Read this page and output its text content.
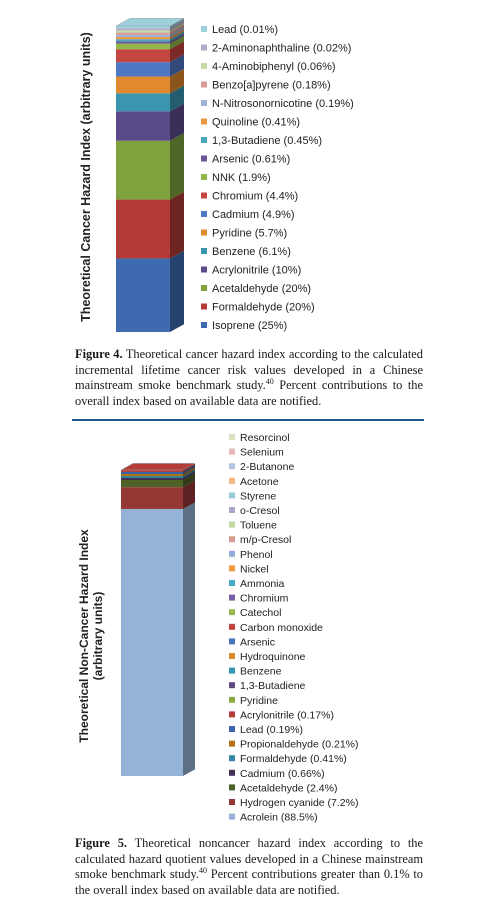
Theoretical Cancer Hazard Index (arbitrary units)
Lead (0.01%)
2-Aminonaphthaline (0.02%)
4-Aminobiphenyl (0.06%)
Benzo[a]pyrene (0.18%)
N-Nitrosonornicotine (0.19%)
Quinoline (0.41%)
1,3-Butadiene (0.45%)
Arsenic (0.61%)
NNK (1.9%)
Chromium (4.4%)
Cadmium (4.9%)
Pyridine (5.7%)
Benzene (6.1%)
Acrylonitrile (10%)
Acetaldehyde (20%)
Formaldehyde (20%)
Isoprene (25%)
Figure 4. Theoretical cancer hazard index according to the calculated incremental lifetime cancer risk values developed in a Chinese mainstream smoke benchmark study.$^{40}$ Percent contributions to the overall index based on available data are notified.
Theoretical Non-Cancer Hazard Index(arbitrary units)
Resorcinol
Selenium
2-Butanone
Acetone
Styrene
o-Cresol
Toluene
m/p-Cresol
Phenol
Nickel
Ammonia
Chromium
Catechol
Carbon monoxide
Arsenic
Hydroquinone
Benzene
1,3-Butadiene
Pyridine
Acrylonitrile (0.17%)
Lead (0.19%)
Propionaldehyde (0.21%)
Formaldehyde (0.41%)
Cadmium (0.66%)
Acetaldehyde (2.4%)
Hydrogen cyanide (7.2%)
Acrolein (88.5%)
Figure 5. Theoretical noncancer hazard index according to the calculated hazard quotient values developed in a Chinese mainstream smoke benchmark study.$^{40}$ Percent contributions greater than 0.1% to the overall index based on available data are notified.
